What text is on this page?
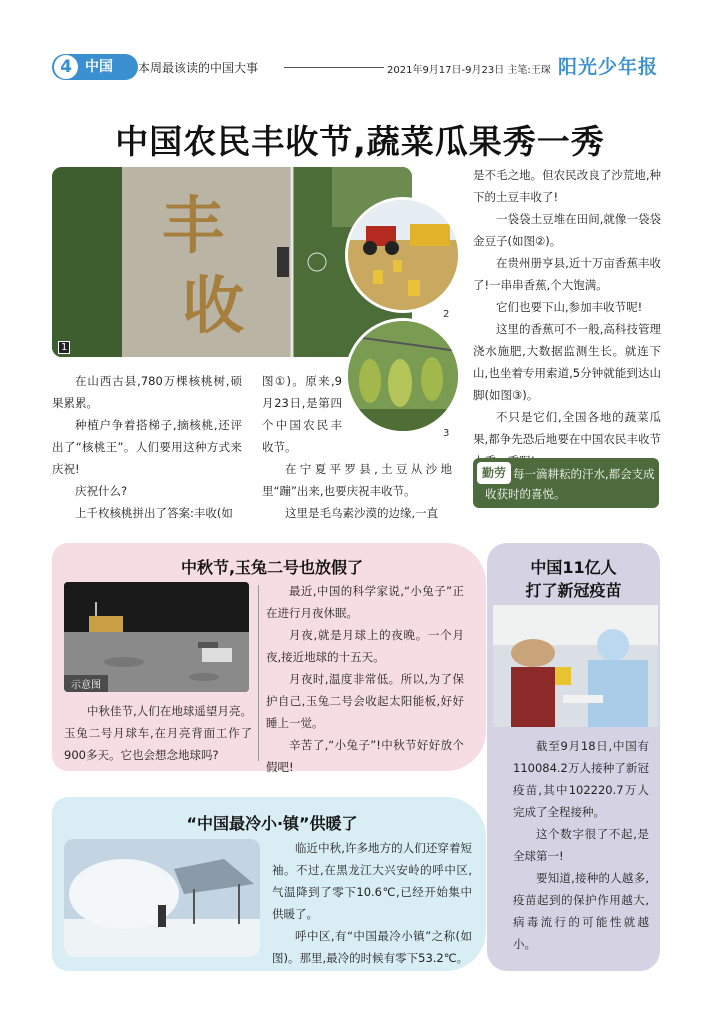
4 中国 本周最该读的中国大事	2021年9月17日-9月23日 主笔:王琛 阳光少年报
中国农民丰收节,蔬菜瓜果秀一秀
丰
收
1
2
3

在山西古县,780万棵核桃树,硕果累累。

种植户争着搭梯子,摘核桃,还评出了“核桃王”。人们要用这种方式来庆祝!

庆祝什么?

上千枚核桃拼出了答案:丰收(如

图①)。原来,9月23日,是第四个中国农民丰收节。

在宁夏平罗县,土豆从沙地里“蹦”出来,也要庆祝丰收节。

这里是毛乌素沙漠的边缘,一直

是不毛之地。但农民改良了沙荒地,种下的土豆丰收了!

一袋袋土豆堆在田间,就像一袋袋金豆子(如图②)。

在贵州册亨县,近十万亩香蕉丰收了!一串串香蕉,个大饱满。

它们也要下山,参加丰收节呢!

这里的香蕉可不一般,高科技管理浇水施肥,大数据监测生长。就连下山,也坐着专用索道,5分钟就能到达山脚(如图③)。

不只是它们,全国各地的蔬菜瓜果,都争先恐后地要在中国农民丰收节

勤劳 每一滴耕耘的汗水,都会支成收获时的喜悦。
中秋节,玉兔二号也放假了
示意图

中秋佳节,人们在地球遥望月亮。玉兔二号月球车,在月亮背面工作了900多天。它也会想念地球吗?

最近,中国的科学家说,“小兔子”正在进行月夜休眠。

月夜,就是月球上的夜晚。一个月夜,接近地球的十五天。

月夜时,温度非常低。所以,为了保护自己,玉兔二号会收起太阳能板,好好睡上一觉。

辛苦了,“小兔子”!中秋节好好放个假吧!

中国11亿人
打了新冠疫苗

截至9月18日,中国有110084.2万人接种了新冠疫苗,其中102220.7万人完成了全程接种。

这个数字很了不起,是全球第一!

要知道,接种的人越多,疫苗起到的保护作用越大,病毒流行的可能性就越小。

“中国最冷小·镇”供暖了

临近中秋,许多地方的人们还穿着短袖。不过,在黑龙江大兴安岭的呼中区,气温降到了零下10.6℃,已经开始集中供暖了。

呼中区,有“中国最冷小镇”之称(如图)。那里,最冷的时候有零下53.2℃。
